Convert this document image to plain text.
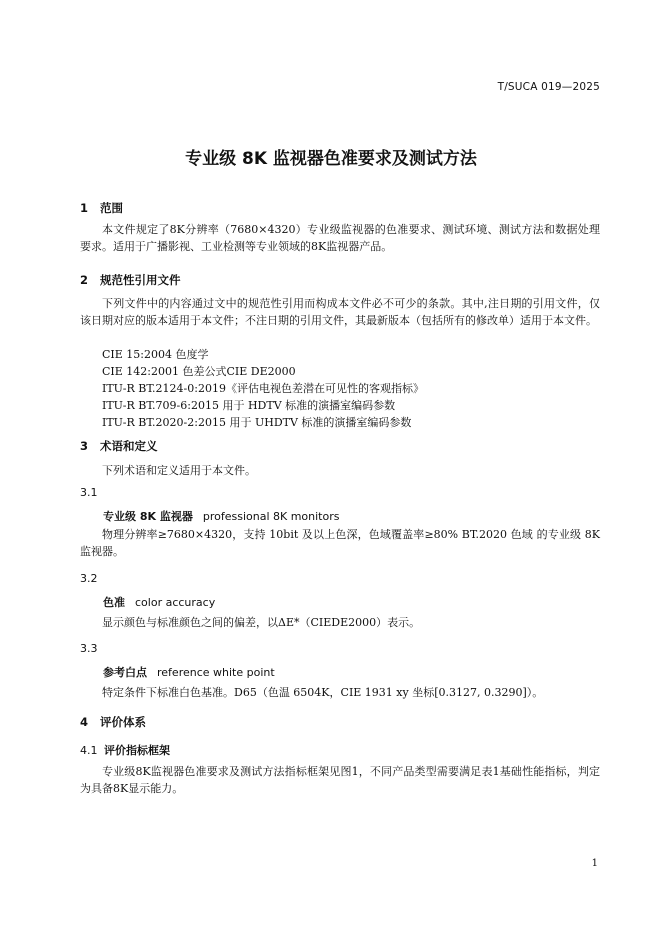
T/SUCA 019—2025
专业级 8K 监视器色准要求及测试方法
1 范围
本文件规定了8K分辨率（7680×4320）专业级监视器的色准要求、测试环境、测试方法和数据处理要求。适用于广播影视、工业检测等专业领域的8K监视器产品。
2 规范性引用文件
下列文件中的内容通过文中的规范性引用而构成本文件必不可少的条款。其中,注日期的引用文件，仅该日期对应的版本适用于本文件；不注日期的引用文件，其最新版本（包括所有的修改单）适用于本文件。
CIE 15:2004 色度学
CIE 142:2001 色差公式CIE DE2000
ITU-R BT.2124-0:2019《评估电视色差潜在可见性的客观指标》
ITU-R BT.709-6:2015 用于 HDTV 标准的演播室编码参数
ITU-R BT.2020-2:2015 用于 UHDTV 标准的演播室编码参数
3 术语和定义
下列术语和定义适用于本文件。
3.1
专业级 8K 监视器 professional 8K monitors
物理分辨率≥7680×4320，支持 10bit 及以上色深，色域覆盖率≥80% BT.2020 色域 的专业级 8K 监视器。
3.2
色准 color accuracy
显示颜色与标准颜色之间的偏差，以ΔE*（CIEDE2000）表示。
3.3
参考白点 reference white point
特定条件下标准白色基准。D65（色温 6504K，CIE 1931 xy 坐标[0.3127, 0.3290]）。
4 评价体系
4.1 评价指标框架
专业级8K监视器色准要求及测试方法指标框架见图1，不同产品类型需要满足表1基础性能指标，判定为具备8K显示能力。
1
